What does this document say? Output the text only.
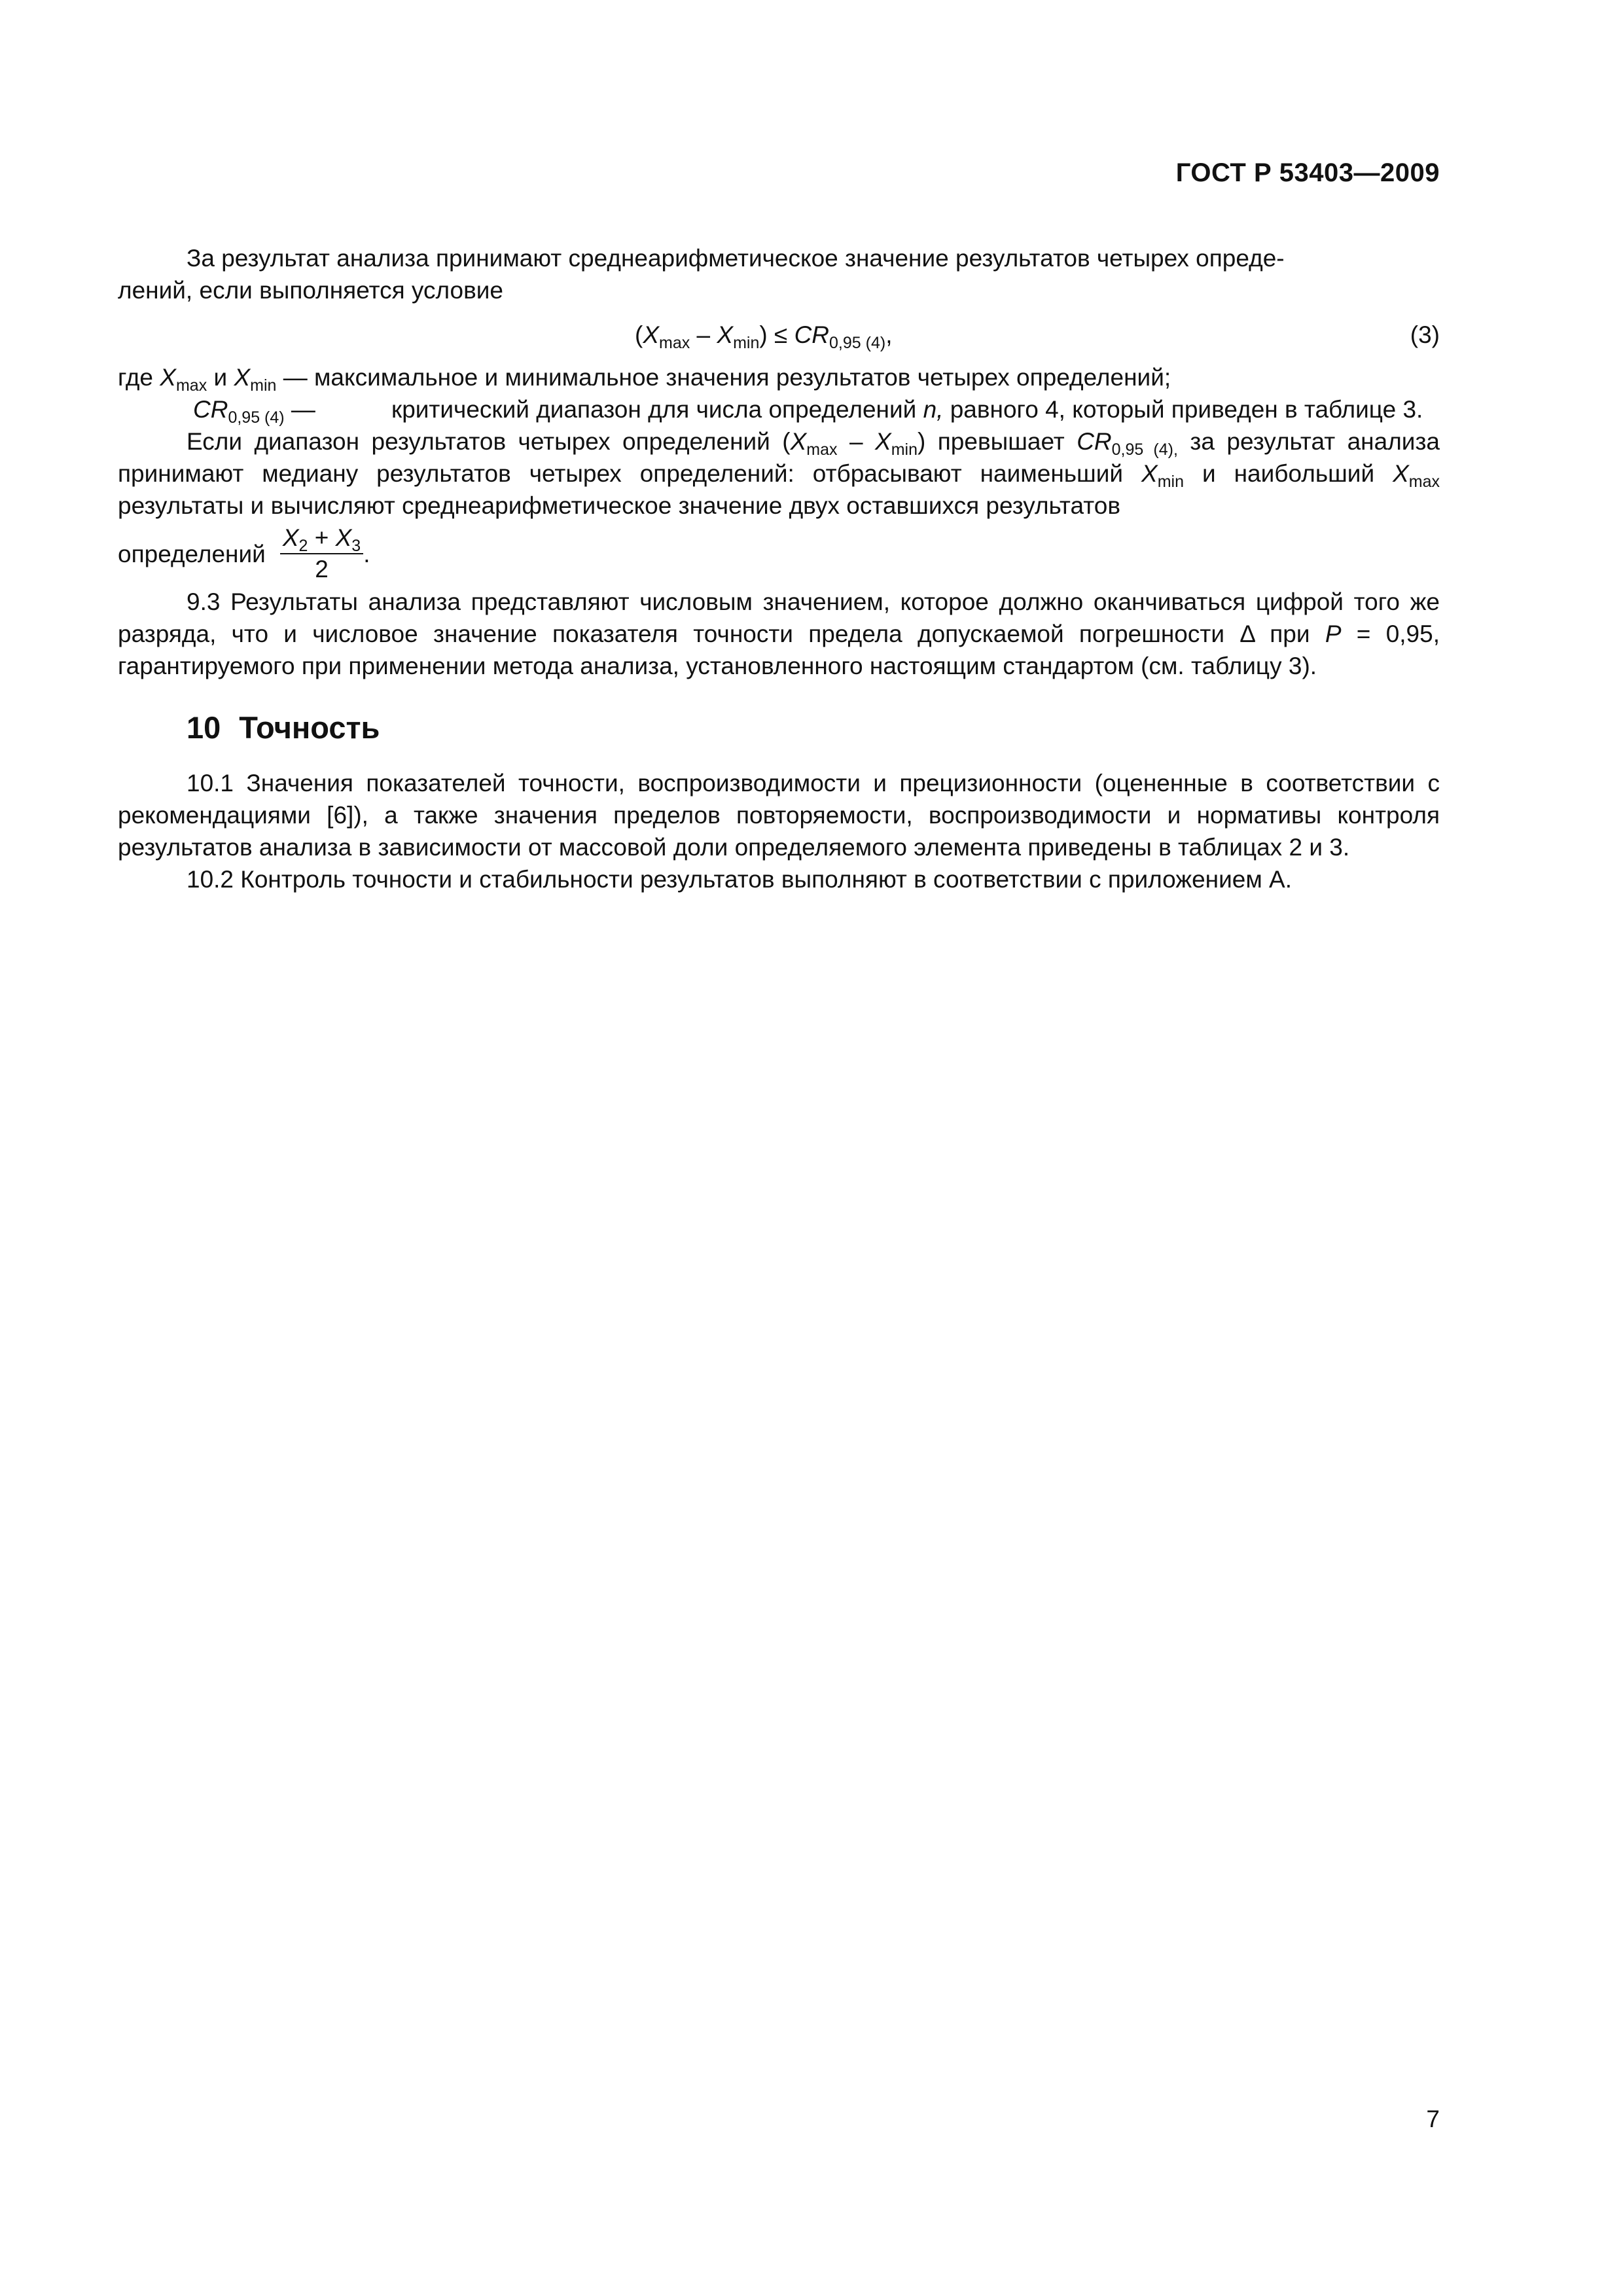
ГОСТ Р 53403—2009

За результат анализа принимают среднеарифметическое значение результатов четырех опреде-
лений, если выполняется условие

$(X_{max} - X_{min}) \le CR_{0,95 (4)}$,	(3)

где $X_{max}$ и $X_{min}$ — максимальное и минимальное значения результатов четырех определений;

$CR_{0,95 (4)}$ —	критический диапазон для числа определений n, равного 4, который приведен в таблице 3.

Если диапазон результатов четырех определений $(X_{max} - X_{min})$ превышает $CR_{0,95 (4),}$ за результат анализа принимают медиану результатов четырех определений: отбрасывают наименьший $X_{min}$ и наибольший $X_{max}$ результаты и вычисляют среднеарифметическое значение двух оставшихся результатов

определений $\frac{X_2 + X_3}{2}$ .

9.3 Результаты анализа представляют числовым значением, которое должно оканчиваться цифрой того же разряда, что и числовое значение показателя точности предела допускаемой погрешности Δ при P = 0,95, гарантируемого при применении метода анализа, установленного настоящим стандартом (см. таблицу 3).

10 Точность

10.1 Значения показателей точности, воспроизводимости и прецизионности (оцененные в соответствии с рекомендациями [6]), а также значения пределов повторяемости, воспроизводимости и нормативы контроля результатов анализа в зависимости от массовой доли определяемого элемента приведены в таблицах 2 и 3.

10.2 Контроль точности и стабильности результатов выполняют в соответствии с приложением А.

7
